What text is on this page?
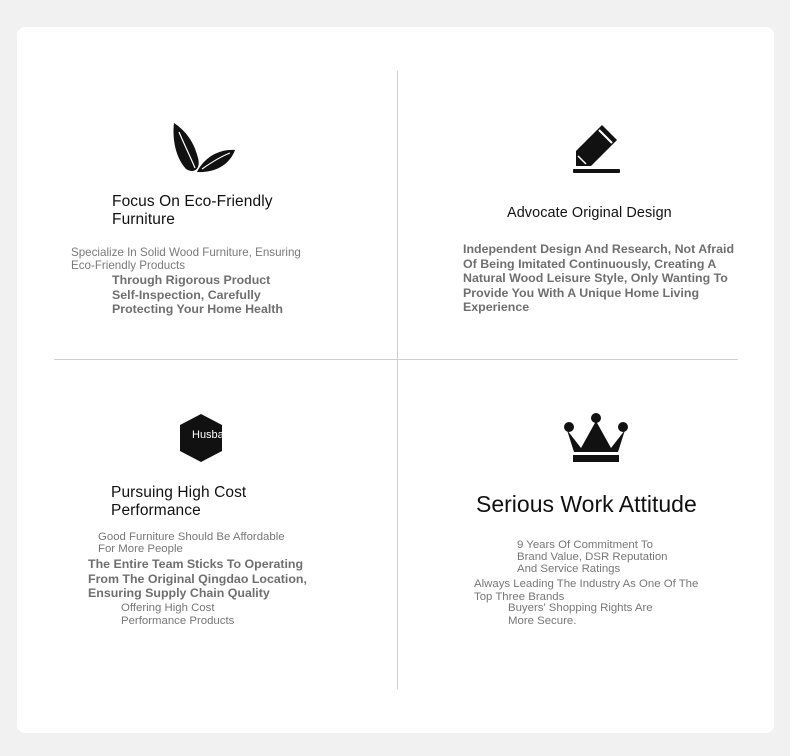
Focus On Eco-Friendly
Furniture
Specialize In Solid Wood Furniture, Ensuring
Eco-Friendly Products
Through Rigorous Product
Self-Inspection, Carefully
Protecting Your Home Health
Advocate Original Design
Independent Design And Research, Not Afraid
Of Being Imitated Continuously, Creating A
Natural Wood Leisure Style, Only Wanting To
Provide You With A Unique Home Living
Experience
Husband
Pursuing High Cost
Performance
Good Furniture Should Be Affordable
For More People
The Entire Team Sticks To Operating
From The Original Qingdao Location,
Ensuring Supply Chain Quality
Offering High Cost
Performance Products
Serious Work Attitude
9 Years Of Commitment To
Brand Value, DSR Reputation
And Service Ratings
Always Leading The Industry As One Of The
Top Three Brands
Buyers' Shopping Rights Are
More Secure.
